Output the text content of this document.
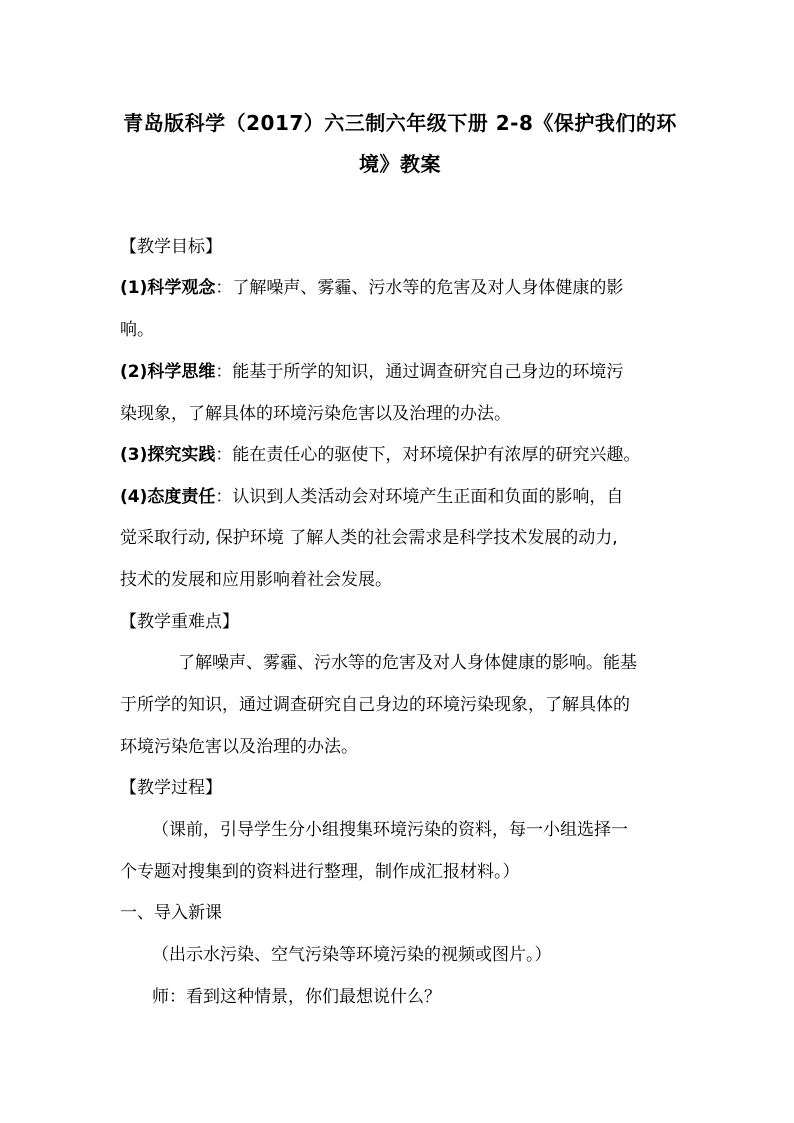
青岛版科学（2017）六三制六年级下册 2-8《保护我们的环
境》教案
【教学目标】
(1)科学观念：了解噪声、雾霾、污水等的危害及对人身体健康的影
响。
(2)科学思维：能基于所学的知识，通过调查研究自己身边的环境污
染现象，了解具体的环境污染危害以及治理的办法。
(3)探究实践：能在责任心的驱使下，对环境保护有浓厚的研究兴趣。
(4)态度责任：认识到人类活动会对环境产生正面和负面的影响，自
觉采取行动, 保护环境 了解人类的社会需求是科学技术发展的动力,
技术的发展和应用影响着社会发展。
【教学重难点】
了解噪声、雾霾、污水等的危害及对人身体健康的影响。能基
于所学的知识，通过调查研究自己身边的环境污染现象，了解具体的
环境污染危害以及治理的办法。
【教学过程】
（课前，引导学生分小组搜集环境污染的资料，每一小组选择一
个专题对搜集到的资料进行整理，制作成汇报材料。）
一、导入新课
（出示水污染、空气污染等环境污染的视频或图片。）
师：看到这种情景，你们最想说什么？
